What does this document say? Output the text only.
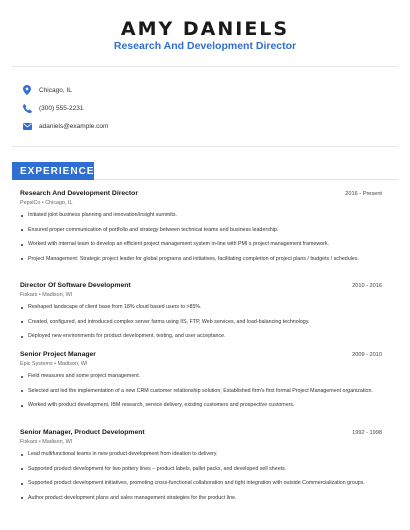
AMY DANIELS
Research And Development Director
Chicago, IL
(300) 555-2231
adaniels@example.com
EXPERIENCE
Research And Development Director	2016 - Present
PepsiCo • Chicago, IL
Initiated joint business planning and innovation/insight summits.
Ensured proper communication of portfolio and strategy between technical teams and business leadership.
Worked with internal team to develop an efficient project management system in-line with PMI s project management framework.
Project Management: Strategic project leader for global programs and initiatives, facilitating completion of project plans / budgets / schedules.
Director Of Software Development	2010 - 2016
Fiskars • Madison, WI
Reshaped landscape of client base from 18% cloud based users to >85%.
Created, configured, and introduced complex server farms using IIS, FTP, Web services, and load-balancing technology.
Deployed new environments for product development, testing, and user acceptance.
Senior Project Manager	2009 - 2010
Epic Systems • Madison, WI
Field measures and some project management.
Selected and led the implementation of a new CRM customer relationship solution; Established firm's first formal Project Management organization.
Worked with product development, IBM research, service delivery, existing customers and prospective customers.
Senior Manager, Product Development	1992 - 1998
Fiskars • Madison, WI
Lead multifunctional teams in new product development from ideation to delivery.
Supported product development for two pottery lines – product labels, pallet packs, and developed sell sheets.
Supported product development initiatives, promoting cross-functional collaboration and tight integration with outside Commercialization groups.
Author product development plans and sales management strategies for the product line.
